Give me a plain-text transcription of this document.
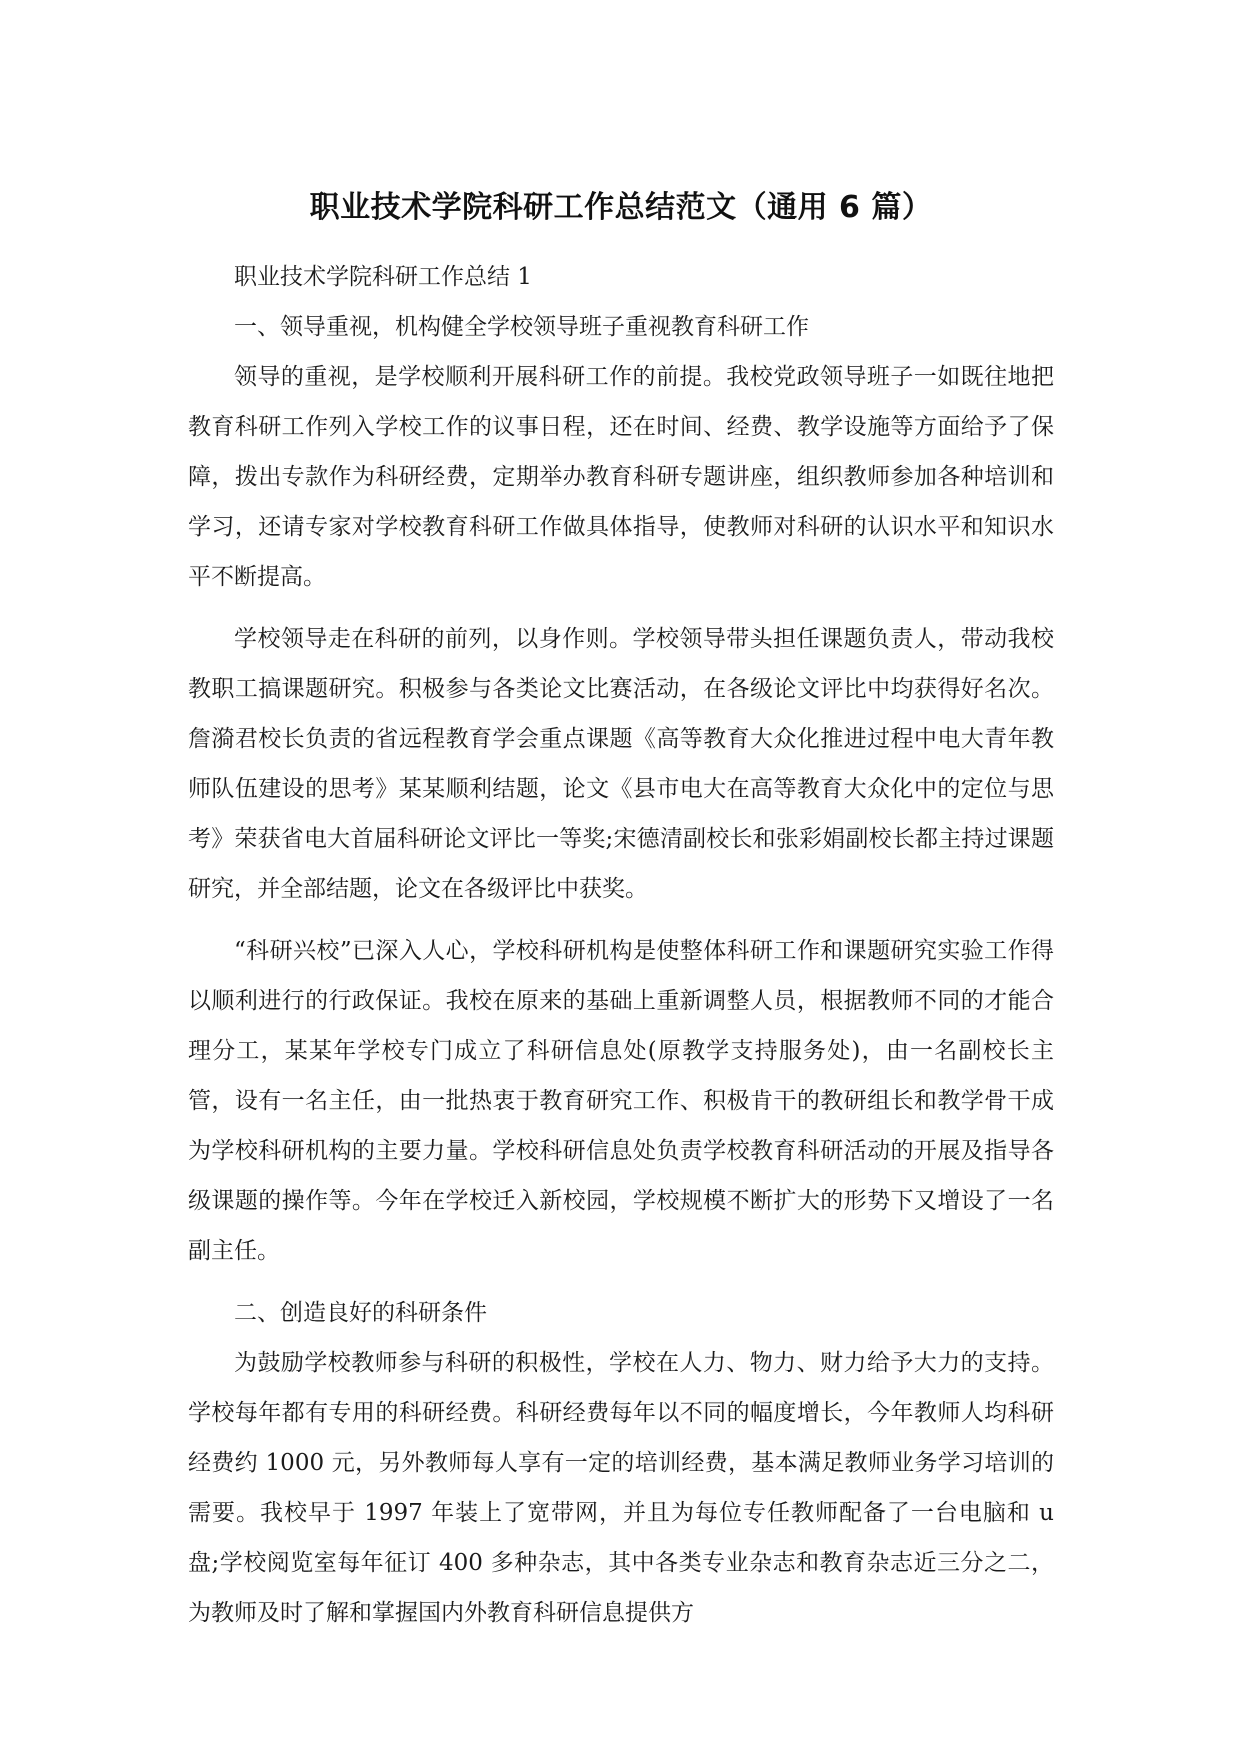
职业技术学院科研工作总结范文（通用 6 篇）

职业技术学院科研工作总结 1

一、领导重视，机构健全学校领导班子重视教育科研工作

领导的重视，是学校顺利开展科研工作的前提。我校党政领导班子一如既往地把教育科研工作列入学校工作的议事日程，还在时间、经费、教学设施等方面给予了保障，拨出专款作为科研经费，定期举办教育科研专题讲座，组织教师参加各种培训和学习，还请专家对学校教育科研工作做具体指导，使教师对科研的认识水平和知识水平不断提高。

学校领导走在科研的前列，以身作则。学校领导带头担任课题负责人，带动我校教职工搞课题研究。积极参与各类论文比赛活动，在各级论文评比中均获得好名次。詹漪君校长负责的省远程教育学会重点课题《高等教育大众化推进过程中电大青年教师队伍建设的思考》某某顺利结题，论文《县市电大在高等教育大众化中的定位与思考》荣获省电大首届科研论文评比一等奖;宋德清副校长和张彩娟副校长都主持过课题研究，并全部结题，论文在各级评比中获奖。

“科研兴校”已深入人心，学校科研机构是使整体科研工作和课题研究实验工作得以顺利进行的行政保证。我校在原来的基础上重新调整人员，根据教师不同的才能合理分工，某某年学校专门成立了科研信息处(原教学支持服务处)，由一名副校长主管，设有一名主任，由一批热衷于教育研究工作、积极肯干的教研组长和教学骨干成为学校科研机构的主要力量。学校科研信息处负责学校教育科研活动的开展及指导各级课题的操作等。今年在学校迁入新校园，学校规模不断扩大的形势下又增设了一名副主任。

二、创造良好的科研条件

为鼓励学校教师参与科研的积极性，学校在人力、物力、财力给予大力的支持。学校每年都有专用的科研经费。科研经费每年以不同的幅度增长，今年教师人均科研经费约 1000 元，另外教师每人享有一定的培训经费，基本满足教师业务学习培训的需要。我校早于 1997 年装上了宽带网，并且为每位专任教师配备了一台电脑和 u 盘;学校阅览室每年征订 400 多种杂志，其中各类专业杂志和教育杂志近三分之二，为教师及时了解和掌握国内外教育科研信息提供方
